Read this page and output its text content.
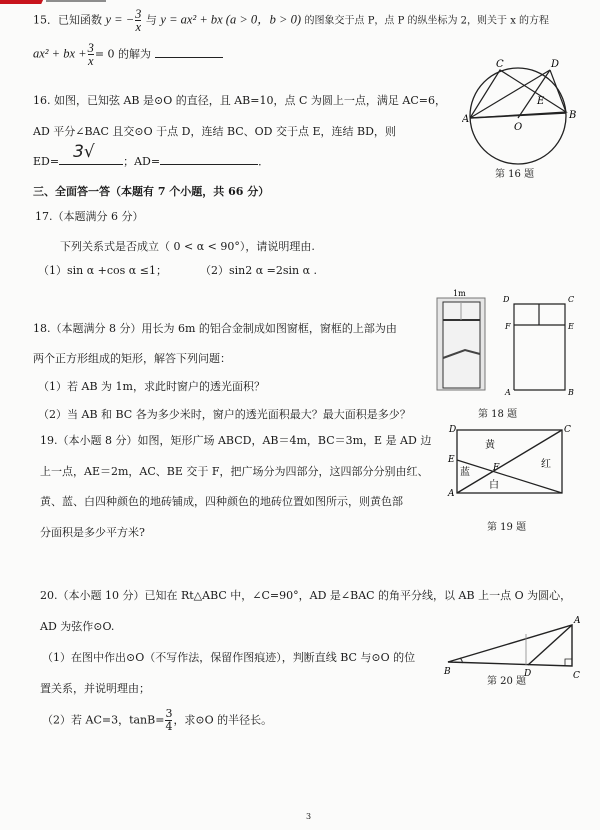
15．已知函数 y = − $\frac{3}{x}$ 与 y = ax² + bx (a > 0，b > 0) 的图象交于点 P，点 P 的纵坐标为 2，则关于 x 的方程
ax² + bx + $\frac{3}{x} = 0$ 的解为
16. 如图，已知弦 AB 是⊙O 的直径，且 AB=10，点 C 为圆上一点，满足 AC=6，
AD 平分∠BAC 且交⊙O 于点 D，连结 BC、OD 交于点 E，连结 BD，则
ED= 3√	；AD=	．
C	D
A	B
E
O
第 16 题
三、全面答一答（本题有 7 个小题，共 66 分）
17.（本题满分 6 分）
下列关系式是否成立（ 0 < α < 90°），请说明理由.
（1）sin α +cos α ≤1；	（2）sin2 α =2sin α .
18.（本题满分 8 分）用长为 6m 的铝合金制成如图窗框，窗框的上部为由
两个正方形组成的矩形，解答下列问题：
（1）若 AB 为 1m，求此时窗户的透光面积？
（2）当 AB 和 BC 各为多少米时，窗户的透光面积最大？最大面积是多少？
1m
D	C
F	E
A	B
第 18 题
19.（本小题 8 分）如图，矩形广场 ABCD，AB＝4m，BC＝3m，E 是 AD 边
上一点，AE＝2m，AC、BE 交于 F，把广场分为四部分，这四部分分别由红、
黄、蓝、白四种颜色的地砖铺成，四种颜色的地砖位置如图所示，则黄色部
分面积是多少平方米?
D	C
E
A
F
黄
蓝
白
红
第 19 题
20.（本小题 10 分）已知在 Rt△ABC 中，∠C=90°，AD 是∠BAC 的角平分线，以 AB 上一点 O 为圆心，
AD 为弦作⊙O.
（1）在图中作出⊙O（不写作法，保留作图痕迹），判断直线 BC 与⊙O 的位
置关系，并说明理由；
（2）若 AC=3，$\tan B= \frac{3}{4}$ ，求⊙O 的半径长。
A
B	D	C
第 20 题
3
